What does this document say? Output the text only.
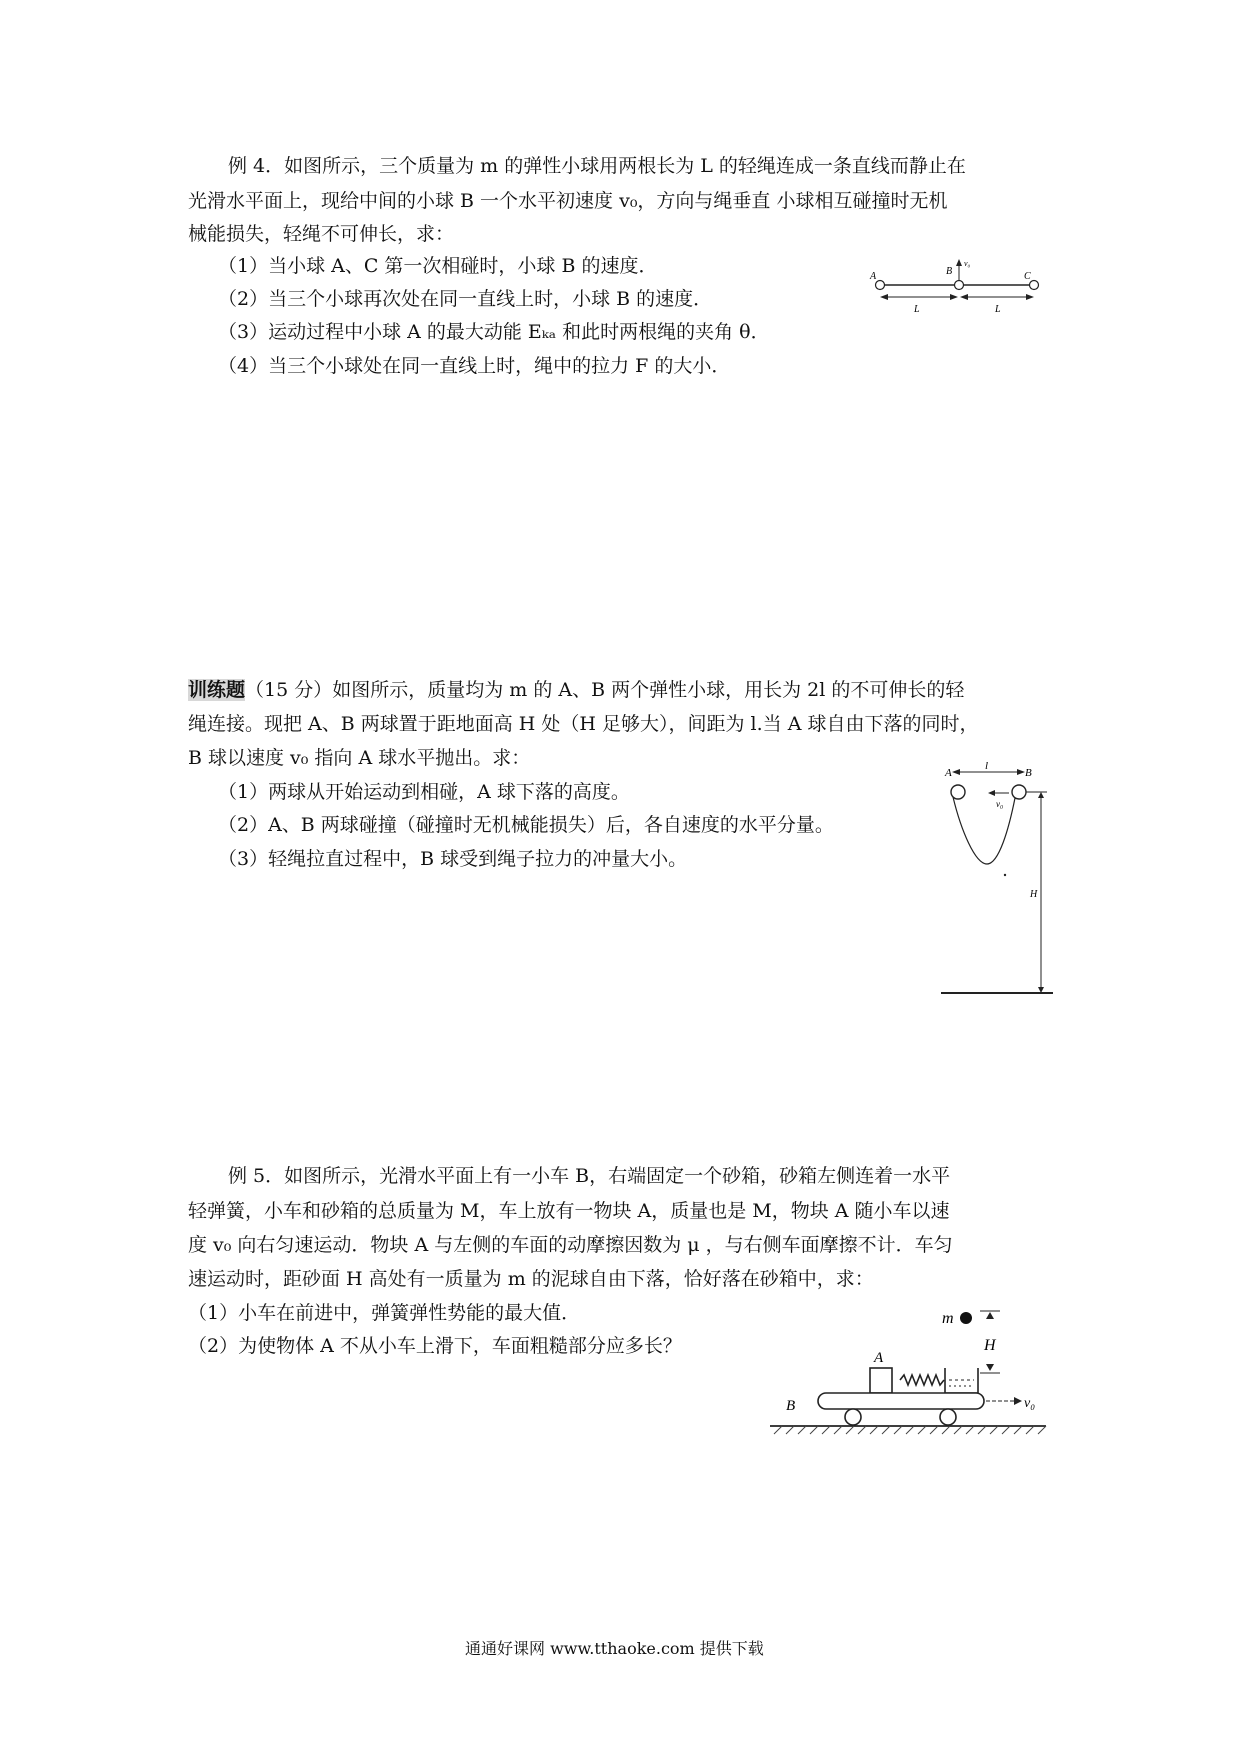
例 4．如图所示，三个质量为 m 的弹性小球用两根长为 L 的轻绳连成一条直线而静止在
光滑水平面上，现给中间的小球 B 一个水平初速度 v₀，方向与绳垂直 小球相互碰撞时无机
械能损失，轻绳不可伸长，求：
（1）当小球 A、C 第一次相碰时，小球 B 的速度．
（2）当三个小球再次处在同一直线上时，小球 B 的速度．
（3）运动过程中小球 A 的最大动能 Eₖₐ 和此时两根绳的夹角 θ．
（4）当三个小球处在同一直线上时，绳中的拉力 F 的大小．
A	B
v₀
C
L	L
训练题（15 分）如图所示，质量均为 m 的 A、B 两个弹性小球，用长为 2l 的不可伸长的轻
绳连接。现把 A、B 两球置于距地面高 H 处（H 足够大），间距为 l.当 A 球自由下落的同时，
B 球以速度 v₀ 指向 A 球水平抛出。求：
（1）两球从开始运动到相碰，A 球下落的高度。
（2）A、B 两球碰撞（碰撞时无机械能损失）后，各自速度的水平分量。
（3）轻绳拉直过程中，B 球受到绳子拉力的冲量大小。
A	B
l
v₀
H
例 5．如图所示，光滑水平面上有一小车 B，右端固定一个砂箱，砂箱左侧连着一水平
轻弹簧，小车和砂箱的总质量为 M，车上放有一物块 A，质量也是 M，物块 A 随小车以速
度 v₀ 向右匀速运动．物块 A 与左侧的车面的动摩擦因数为 μ ，与右侧车面摩擦不计．车匀
速运动时，距砂面 H 高处有一质量为 m 的泥球自由下落，恰好落在砂箱中，求：
（1）小车在前进中，弹簧弹性势能的最大值．
（2）为使物体 A 不从小车上滑下，车面粗糙部分应多长？
m
H
A
B	v₀
通通好课网 www.tthaoke.com 提供下载
